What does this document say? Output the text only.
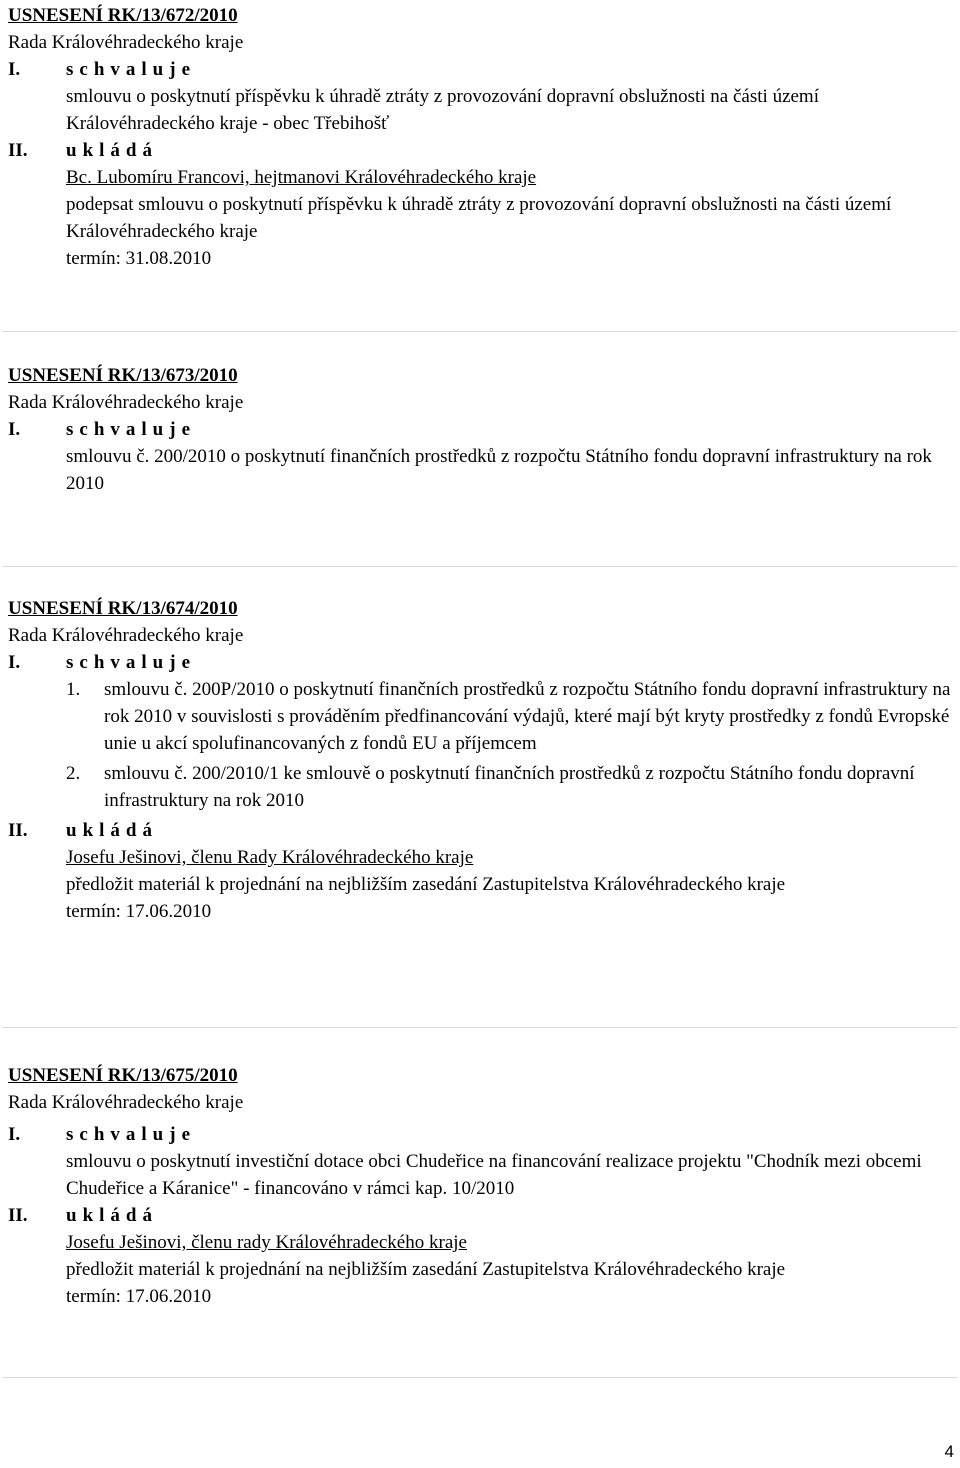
USNESENÍ RK/13/672/2010
Rada Královéhradeckého kraje
I. schvaluje

smlouvu o poskytnutí příspěvku k úhradě ztráty z provozování dopravní obslužnosti na části území Královéhradeckého kraje - obec Třebihošť

II. ukládá

Bc. Lubomíru Francovi, hejtmanovi Královéhradeckého kraje

podepsat smlouvu o poskytnutí příspěvku k úhradě ztráty z provozování dopravní obslužnosti na části území Královéhradeckého kraje

termín: 31.08.2010

USNESENÍ RK/13/673/2010
Rada Královéhradeckého kraje
I. schvaluje

smlouvu č. 200/2010 o poskytnutí finančních prostředků z rozpočtu Státního fondu dopravní infrastruktury na rok 2010

USNESENÍ RK/13/674/2010
Rada Královéhradeckého kraje
I. schvaluje
1. smlouvu č. 200P/2010 o poskytnutí finančních prostředků z rozpočtu Státního fondu dopravní infrastruktury na rok 2010 v souvislosti s prováděním předfinancování výdajů, které mají být kryty prostředky z fondů Evropské unie u akcí spolufinancovaných z fondů EU a příjemcem
2. smlouvu č. 200/2010/1 ke smlouvě o poskytnutí finančních prostředků z rozpočtu Státního fondu dopravní infrastruktury na rok 2010
II. ukládá

Josefu Ješinovi, členu Rady Královéhradeckého kraje

předložit materiál k projednání na nejbližším zasedání Zastupitelstva Královéhradeckého kraje

termín: 17.06.2010

USNESENÍ RK/13/675/2010
Rada Královéhradeckého kraje
I. schvaluje

smlouvu o poskytnutí investiční dotace obci Chudeřice na financování realizace projektu "Chodník mezi obcemi Chudeřice a Káranice" - financováno v rámci kap. 10/2010

II. ukládá

Josefu Ješinovi, členu rady Královéhradeckého kraje

předložit materiál k projednání na nejbližším zasedání Zastupitelstva Královéhradeckého kraje

termín: 17.06.2010

4
